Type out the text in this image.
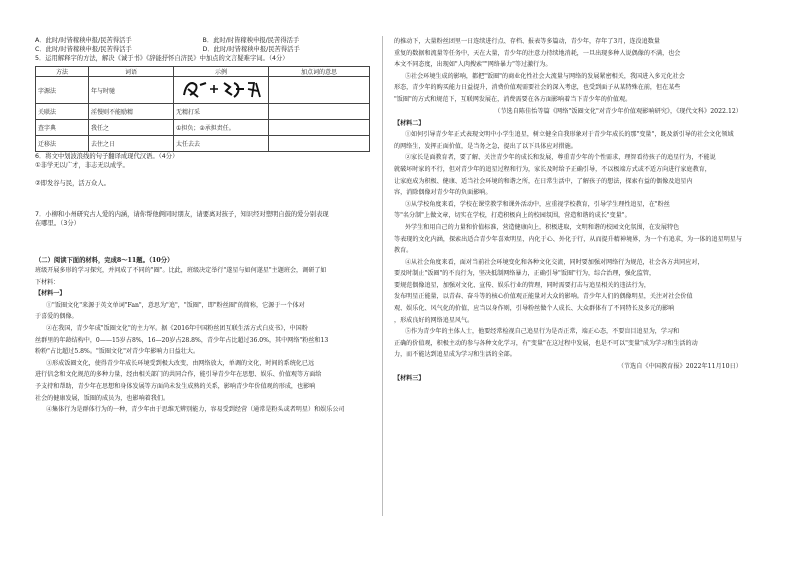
A．此时/时皆稼秧申报/民苦得活手	B．此时/时皆稼秧申报/民苦得活手
C．此时/时皆稼秧申报/民苦得活手	D．此时/时皆稼秧申报/民苦得活手
5．运用解释字的方法，解决《诚于书》《辞能抒怀自济民》中加点的文言疑难字词。（4分）
方法	词语	示例	加点词的意思
字源法	年与时驰		
关联法	淫慢则不能励精	无精打采	
查字典	我任之	①担负；②承担责任。	
迁移法	去住之日	太任去去	
6．将文中划波浪线的句子翻译成现代汉语。（4分）
①非学无以广才，非志无以成学。
②即发谷与民，活万众人。
7．小柳和小州研究古人爱的内涵，请你帮他俩同时朋友，请要离对孩子，知识经对塑明自鼓的爱分别表现
在哪里。（3分）
（二）阅读下面的材料，完成8～11题。（10分）
班级开展多形的学习探究，并问成了不同的"圈"。比此，班级决定举行"遂星与如何遂星"主题班会，调研了如
下材料：
【材料一】
①"饭圈文化"来源于英文单词"Fan"，意思为"追"，"饭圈"，即"粉丝圈"的简称，它源于一个体对
于喜爱的偶像。
②在我国，青少年成"饭圈文化"的主力军。据《2016年中国粉丝团互联生活方式白皮书》，中国粉
丝群里的年龄结构中，0——15岁占8%，16—20岁占28.8%，青少年占比超过36.0%，其中网络"粉丝和13
粉粉"占比超过5.8%。"饭圈文化"对青少年影响力日益壮大。
③形成饭圈文化，使得青少年成长环境受到极大改变，由网络放大，单调的文化，时间的系统化已远
进行信念和文化规范的多种力量，经由相关部门的共同合作，能引导青少年在思想、娱乐、价值观等方面给
予支持和帮助，青少年在思想和身体发展等方面尚未发生成熟的关系，影响青少年价值观的形成，也影响
社会的健康发展，饭圈的成员为，也影响着我们。
④集体行为是群体行为的一种，青少年由于思维无辨别能力，容易受到经营（通常是粉头或者明星）和娱乐公司
的推动下，大量粉丝团里一日连续进行点、存档、报表等多篇动，青少年，存年了3月，连没追数量
重复的数据和流量等任务中，天在大量，青少年的注意力持续地消耗，一旦出现多种人说偶像的不满，也会
本文不同态度，出现如"人肉搜索""网络暴力"等过激行为。
⑤社会环境生成的影响，都把"饭圈"的商业化性社会大流量与网络的发展紧密相关，我国进入多元化社会
形态，青少年的购买能力日益提升，消费价值观需要社会的深入考虑，也受到面子从某特殊在前，但在某些
"饭圈"的方式和规范下，互联网发展在，消费需要在各方面影响着当下青少年的价值观。
（节选自陈佳怡等篇《网络"饭圈文化"对青少年价值观影响研究》，《现代文科》2022.12）
【材料二】
①如何引导青少年正式表现文明中小学生追星，树立健全自我形象对于青少年成长的那"变量"，既及新引导的社会文化领域
的网络生，发挥正面价值，是当务之急，提出了以下具体应对措施。
②家长是面教育者，要了解、关注青少年的成长和发展，尊重青少年的个性需求，理智看待孩子的追星行为，不能说
就破坏时家的不行，但对青少年的追星过程和行为，家长及时给予正确引导，不以极端方式或不适方向进行家庭教育，
让家庭成为积极、健康、适当社会环境的和谐之所，在日常生活中，了解孩子的想法，探索有益的偶像及追星内
容，消除偶像对青少年的负面影响。
③从学校角度来看，学校在课堂教学和课外活动中，应重视学校教育，引导学生理性追星，在"粉丝
等"名分制"上做文章，切实在学校，打造积极向上的校园氛围，营造和谐的成长"变量"。
外学生和用自己的力量和价值标准，营造健康向上，积极进取，文明和谐的校园文化氛围，在发展特色
等表现的文化内涵，探索出适合青少年喜欢明星，内化于心、外化于行，从而提升精神境界，为一个有追求，为一体的追星明星与教育。
④从社会角度来看，面对当前社会环境变化和各种文化交流，同时要加强对网络行为规范，社会各方共同应对，
要及时制止"饭圈"的不良行为，坚决抵制网络暴力，正确引导"饭圈"行为，综合治理，强化监管，
要规范偶像追星，加强对文化、宣传、娱乐行业的管理，同时需要打击与追星相关的违法行为，
发布明星正能量，以青春、奋斗等的核心价值观正能量对大众的影响。青少年人们的偶像明星，关注对社会价值
观、娱乐化、风气化的价值，应当以身作则，引导粉丝做个人成长、大众群体有了不同特长及多元的影响
，形成良好的网络追星风气。
⑤作为青少年的主体人士，他要经常检视自己追星行为是否正常，端正心态，不要盲目追星为，学习和
正确的价值观，积极主动的参与各种文化学习，有"变量"在这过程中发展，也是不可以"变量"成为学习和生活的动
力，而不能达到追星成为学习和生活的全部。
（节选自《中国教育报》2022年11月10日）
【材料三】
